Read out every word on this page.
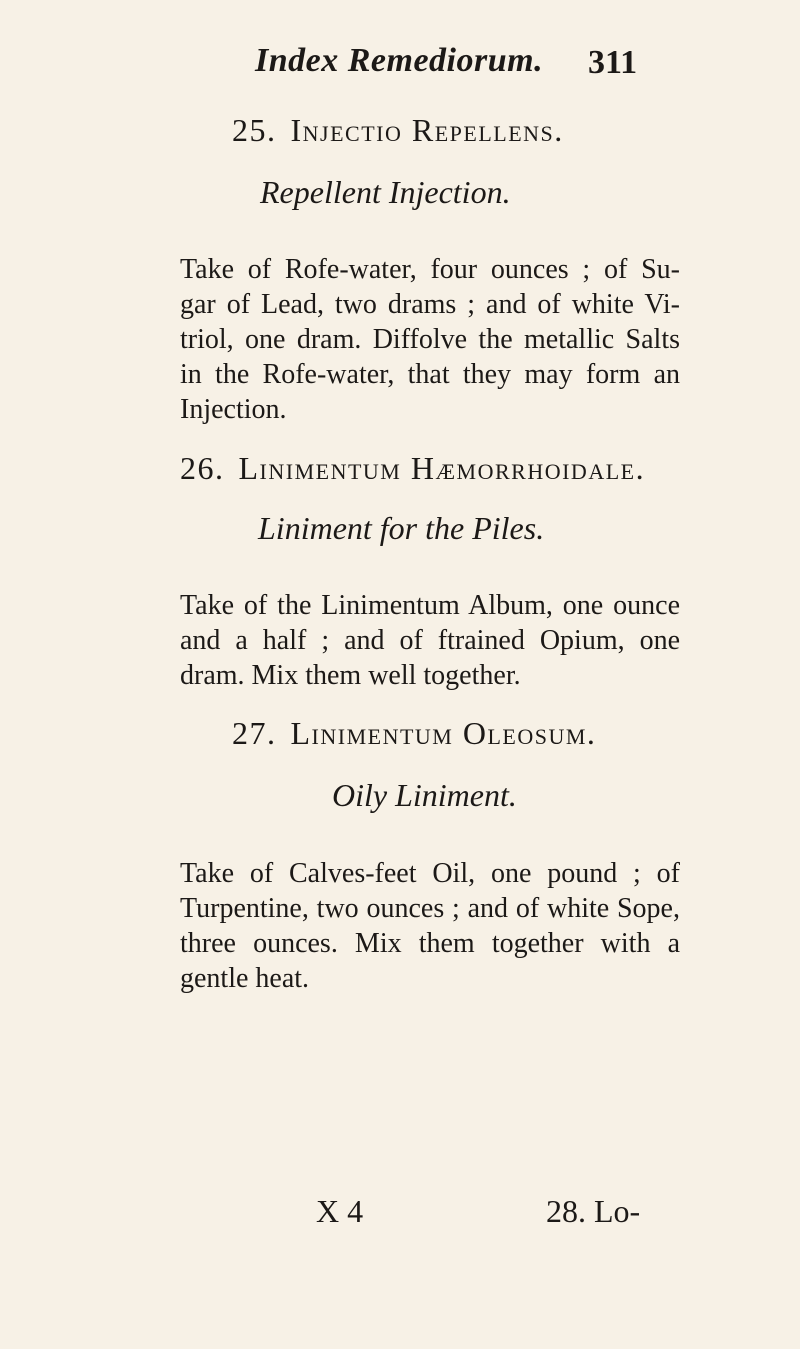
Index Remediorum. 311
25. Injectio Repellens.
Repellent Injection.
Take of Rofe-water, four ounces ; of Su-
gar of Lead, two drams ; and of white Vi-
triol, one dram. Diffolve the metallic Salts
in the Rofe-water, that they may form an
Injection.
26. Linimentum Hæmorrhoidale.
Liniment for the Piles.
Take of the Linimentum Album, one ounce
and a half ; and of ftrained Opium, one
dram. Mix them well together.
27. Linimentum Oleosum.
Oily Liniment.
Take of Calves-feet Oil, one pound ; of
Turpentine, two ounces ; and of white Sope,
three ounces. Mix them together with a
gentle heat.
X 4	28. Lo-
